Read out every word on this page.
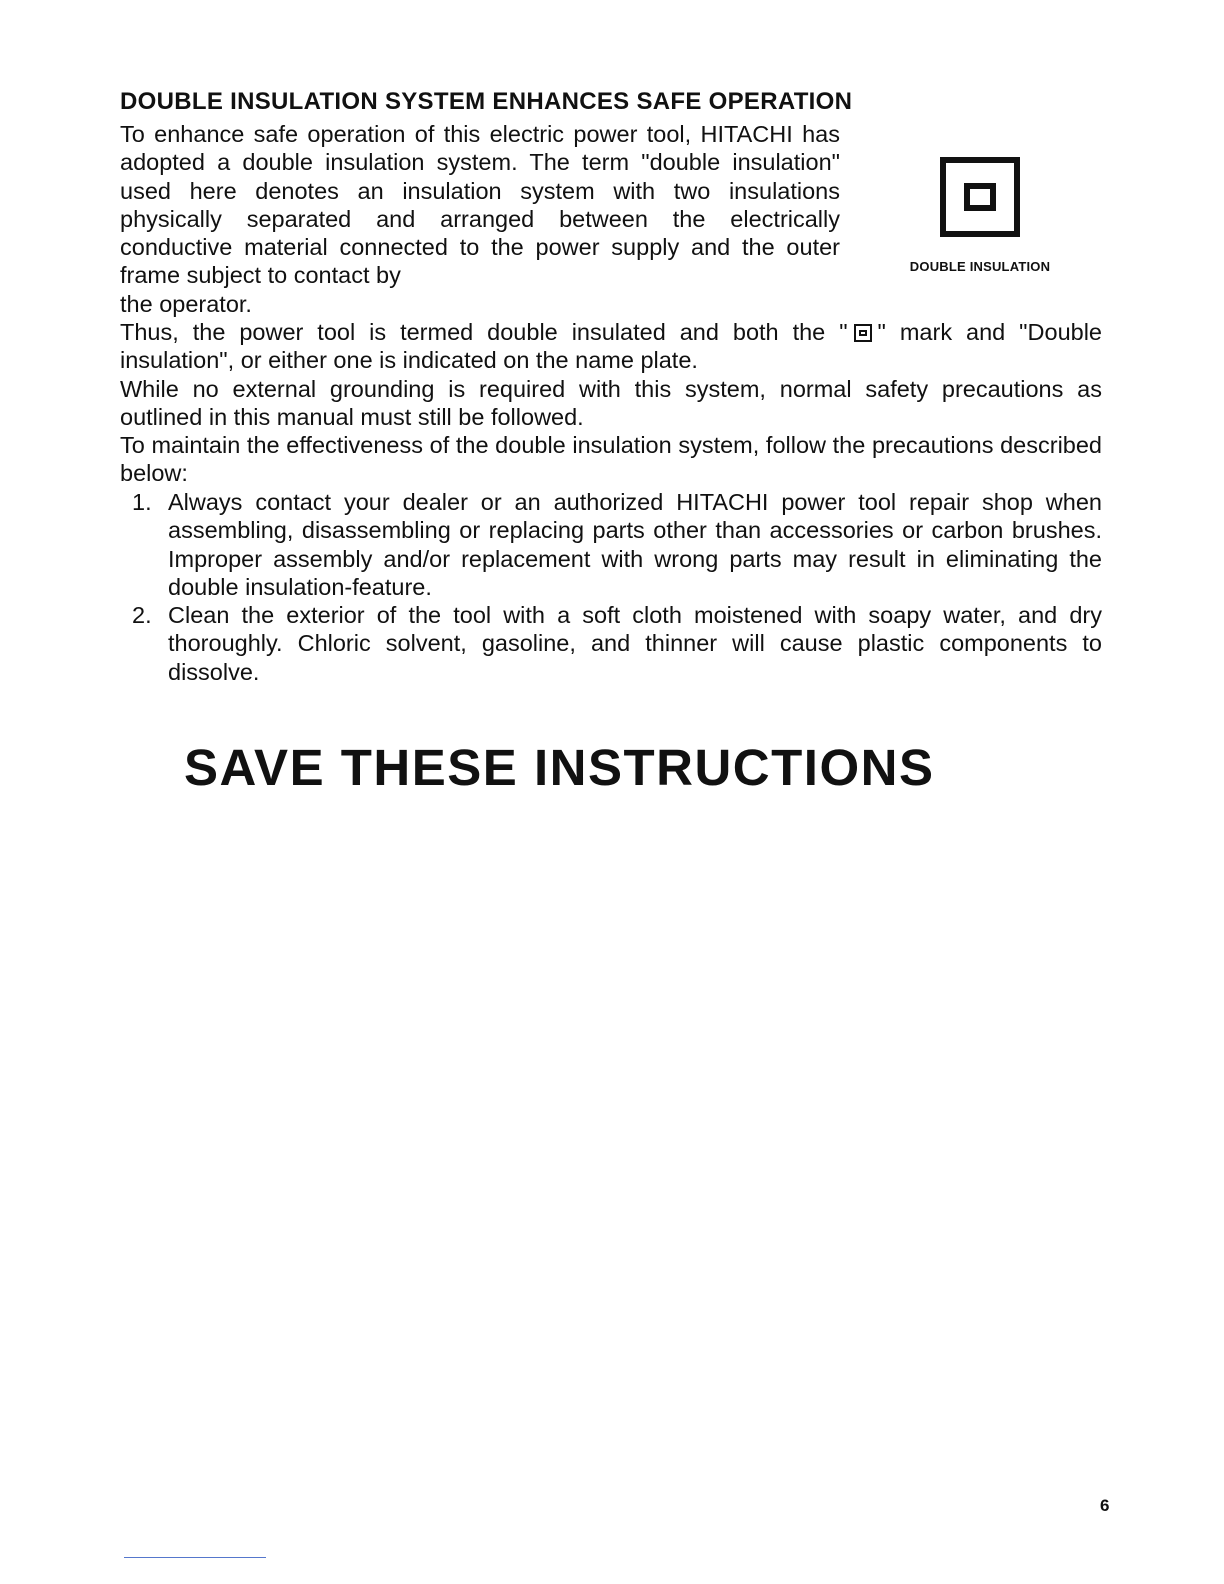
DOUBLE INSULATION SYSTEM ENHANCES SAFE OPERATION
To enhance safe operation of this electric power tool, HITACHI has adopted a double insulation system. The term "double insulation" used here denotes an insulation system with two insulations physically separated and arranged between the electrically conductive material connected to the power supply and the outer frame subject to contact by
the operator.
DOUBLE INSULATION
Thus, the power tool is termed double insulated and both the " " mark and "Double insulation", or either one is indicated on the name plate.
While no external grounding is required with this system, normal safety precautions as outlined in this manual must still be followed.
To maintain the effectiveness of the double insulation system, follow the precautions described below:
1. Always contact your dealer or an authorized HITACHI power tool repair shop when assembling, disassembling or replacing parts other than accessories or carbon brushes. Improper assembly and/or replacement with wrong parts may result in eliminating the double insulation-feature.
2. Clean the exterior of the tool with a soft cloth moistened with soapy water, and dry thoroughly. Chloric solvent, gasoline, and thinner will cause plastic components to dissolve.
SAVE THESE INSTRUCTIONS
6
